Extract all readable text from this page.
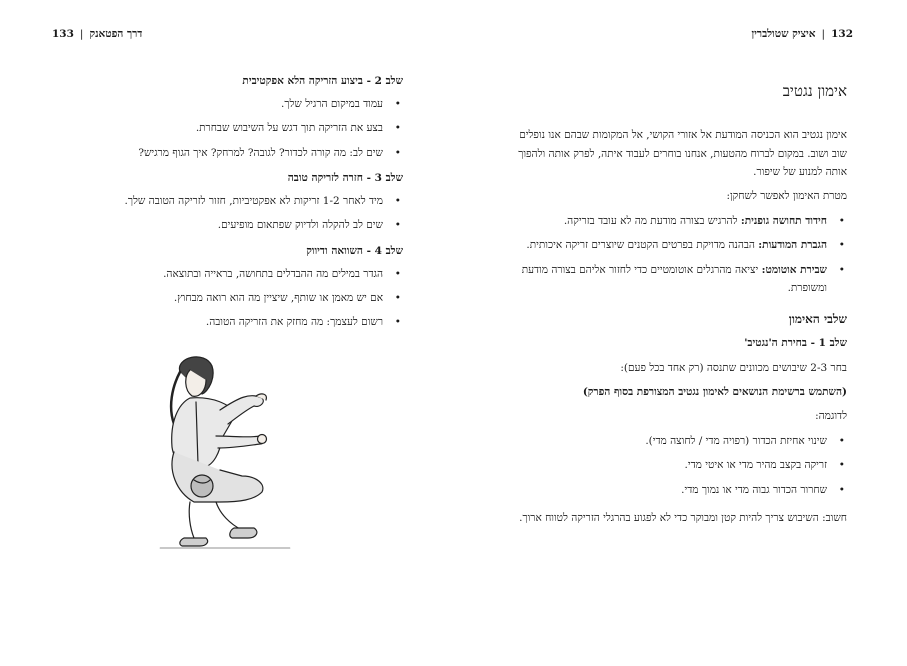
דרך הפטאנק|133
שלב 2 - ביצוע הזריקה הלא אפקטיבית
• עמוד במיקום הרגיל שלך.
• בצע את הזריקה תוך דגש על השיבוש שבחרת.
• שים לב: מה קורה לכדור? לגובה? למרחק? איך הגוף מרגיש?
שלב 3 - חזרה לזריקה טובה
• מיד לאחר 1-2 זריקות לא אפקטיביות, חזור לזריקה הטובה שלך.
• שים לב להקלה ולדיוק שפתאום מופיעים.
שלב 4 - השוואה ודיווק
• הגדר במילים מה ההבדלים בתחושה, בראייה ובתוצאה.
• אם יש מאמן או שותף, שיציין מה הוא רואה מבחוץ.
• רשום לעצמך: מה מחזק את הזריקה הטובה.
132|איציק שטולברין
אימון נגטיב
אימון נגטיב הוא הכניסה המודעת אל אזורי הקושי, אל המקומות שבהם אנו נופלים שוב ושוב. במקום לברוח מהטעות, אנחנו בוחרים לעבוד איתה, לפרק אותה ולהפוך אותה למנוע של שיפור.
מטרת האימון לאפשר לשחקן:
• חידוד תחושה גופנית: להרגיש בצורה מודעת מה לא עובד בזריקה.
• הגברת המודעות: הבהנה מדויקת בפרטים הקטנים שיוצרים זריקה איכותית.
• שבירת אוטומט: יציאה מהרגלים אוטומטיים כדי לחזור אליהם בצורה מודעת ומשופרת.
שלבי האימון
שלב 1 - בחירת ה'נגטיב'
בחר 2-3 שיבושים מכוונים שתנסה (רק אחד בכל פעם):
(השתמש ברשימת הנושאים לאימון נגטיב המצורפת בסוף הפרק)
לדוגמה:
• שינוי אחיזת הכדור (רפויה מדי / לחוצה מדי).
• זריקה בקצב מהיר מדי או איטי מדי.
• שחרור הכדור גבוה מדי או נמוך מדי.
חשוב: השיבוש צריך להיות קטן ומבוקר כדי לא לפגוע בהרגלי הזריקה לטווח ארוך.
